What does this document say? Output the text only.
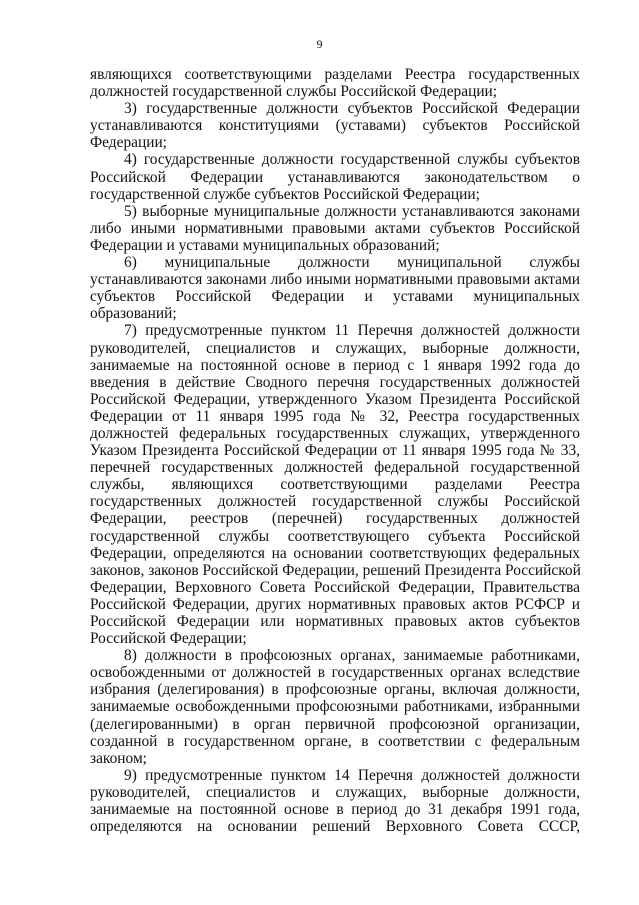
9
являющихся соответствующими разделами Реестра государственных
должностей государственной службы Российской Федерации;
3) государственные должности субъектов Российской Федерации
устанавливаются конституциями (уставами) субъектов Российской
Федерации;
4) государственные должности государственной службы субъектов
Российской Федерации устанавливаются законодательством о
государственной службе субъектов Российской Федерации;
5) выборные муниципальные должности устанавливаются законами
либо иными нормативными правовыми актами субъектов Российской
Федерации и уставами муниципальных образований;
6) муниципальные должности муниципальной службы
устанавливаются законами либо иными нормативными правовыми актами
субъектов Российской Федерации и уставами муниципальных
образований;
7) предусмотренные пунктом 11 Перечня должностей должности
руководителей, специалистов и служащих, выборные должности,
занимаемые на постоянной основе в период с 1 января 1992 года до
введения в действие Сводного перечня государственных должностей
Российской Федерации, утвержденного Указом Президента Российской
Федерации от 11 января 1995 года № 32, Реестра государственных
должностей федеральных государственных служащих, утвержденного
Указом Президента Российской Федерации от 11 января 1995 года № 33,
перечней государственных должностей федеральной государственной
службы, являющихся соответствующими разделами Реестра
государственных должностей государственной службы Российской
Федерации, реестров (перечней) государственных должностей
государственной службы соответствующего субъекта Российской
Федерации, определяются на основании соответствующих федеральных
законов, законов Российской Федерации, решений Президента Российской
Федерации, Верховного Совета Российской Федерации, Правительства
Российской Федерации, других нормативных правовых актов РСФСР и
Российской Федерации или нормативных правовых актов субъектов
Российской Федерации;
8) должности в профсоюзных органах, занимаемые работниками,
освобожденными от должностей в государственных органах вследствие
избрания (делегирования) в профсоюзные органы, включая должности,
занимаемые освобожденными профсоюзными работниками, избранными
(делегированными) в орган первичной профсоюзной организации,
созданной в государственном органе, в соответствии с федеральным
законом;
9) предусмотренные пунктом 14 Перечня должностей должности
руководителей, специалистов и служащих, выборные должности,
занимаемые на постоянной основе в период до 31 декабря 1991 года,
определяются на основании решений Верховного Совета СССР,
